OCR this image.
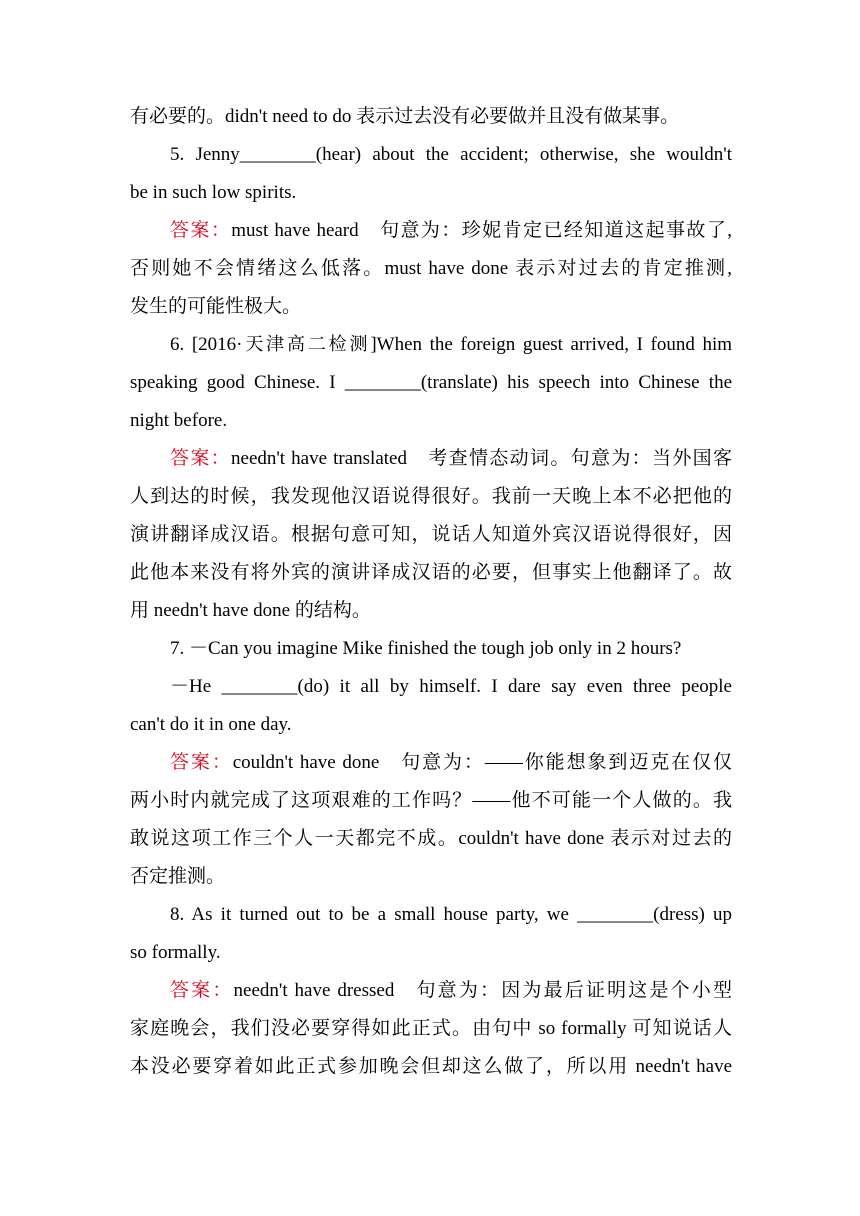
有必要的。didn't need to do 表示过去没有必要做并且没有做某事。
5. Jenny________(hear) about the accident; otherwise, she wouldn't
be in such low spirits.
答案：must have heard 句意为：珍妮肯定已经知道这起事故了,
否则她不会情绪这么低落。must have done 表示对过去的肯定推测,
发生的可能性极大。
6. [2016·天津高二检测]When the foreign guest arrived, I found him
speaking good Chinese. I ________(translate) his speech into Chinese the
night before.
答案：needn't have translated 考查情态动词。句意为：当外国客
人到达的时候，我发现他汉语说得很好。我前一天晚上本不必把他的
演讲翻译成汉语。根据句意可知，说话人知道外宾汉语说得很好，因
此他本来没有将外宾的演讲译成汉语的必要，但事实上他翻译了。故
用 needn't have done 的结构。
7. －Can you imagine Mike finished the tough job only in 2 hours?
－He ________(do) it all by himself. I dare say even three people
can't do it in one day.
答案：couldn't have done 句意为：——你能想象到迈克在仅仅
两小时内就完成了这项艰难的工作吗？——他不可能一个人做的。我
敢说这项工作三个人一天都完不成。couldn't have done 表示对过去的
否定推测。
8. As it turned out to be a small house party, we ________(dress) up
so formally.
答案：needn't have dressed 句意为：因为最后证明这是个小型
家庭晚会，我们没必要穿得如此正式。由句中 so formally 可知说话人
本没必要穿着如此正式参加晚会但却这么做了，所以用 needn't have
